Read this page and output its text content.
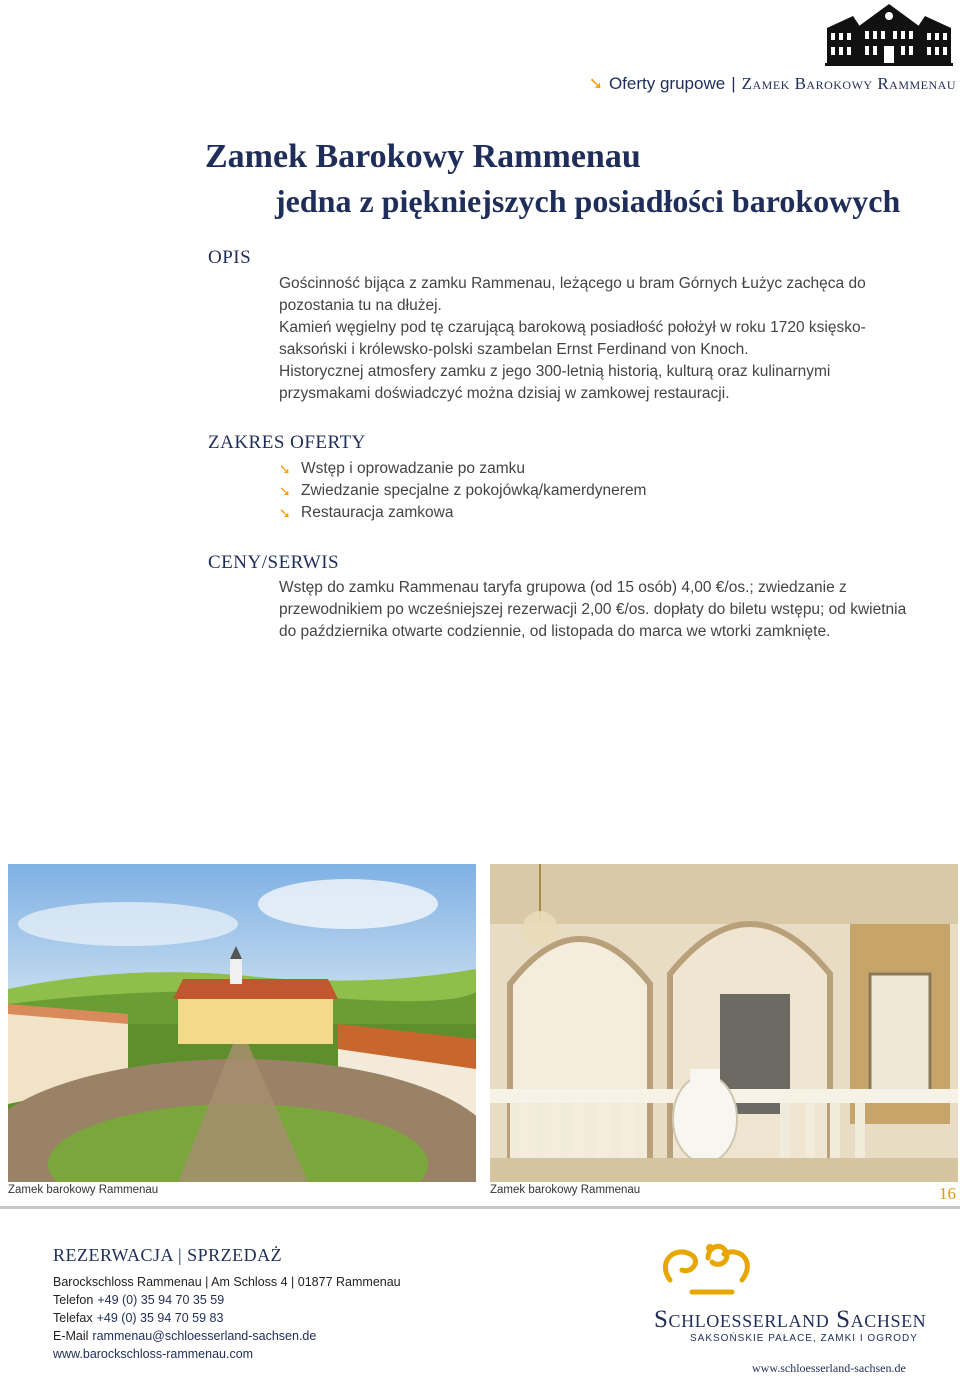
➘ Oferty grupowe | Zamek Barokowy Rammenau
Zamek Barokowy Rammenau
jedna z piękniejszych posiadłości barokowych
OPIS

Gościnność bijąca z zamku Rammenau, leżącego u bram Górnych Łużyc zachęca do pozostania tu na dłużej.

Kamień węgielny pod tę czarującą barokową posiadłość położył w roku 1720 księsko-saksoński i królewsko-polski szambelan Ernst Ferdinand von Knoch.

Historycznej atmosfery zamku z jego 300-letnią historią, kulturą oraz kulinarnymi przysmakami doświadczyć można dzisiaj w zamkowej restauracji.

ZAKRES OFERTY
➘ Wstęp i oprowadzanie po zamku
➘ Zwiedzanie specjalne z pokojówką/kamerdynerem
➘ Restauracja zamkowa
CENY/SERWIS
Wstęp do zamku Rammenau taryfa grupowa (od 15 osób) 4,00 €/os.; zwiedzanie z przewodnikiem po wcześniejszej rezerwacji 2,00 €/os. dopłaty do biletu wstępu; od kwietnia do października otwarte codziennie, od listopada do marca we wtorki zamknięte.
Zamek barokowy Rammenau	Zamek barokowy Rammenau	16
REZERWACJA | SPRZEDAŻ
Barockschloss Rammenau | Am Schloss 4 | 01877 Rammenau
Telefon +49 (0) 35 94 70 35 59
Telefax +49 (0) 35 94 70 59 83
E-Mail rammenau@schloesserland-sachsen.de
www.barockschloss-rammenau.com
Schloesserland Sachsen
SAKSOŃSKIE PAŁACE, ZAMKI I OGRODY
www.schloesserland-sachsen.de
